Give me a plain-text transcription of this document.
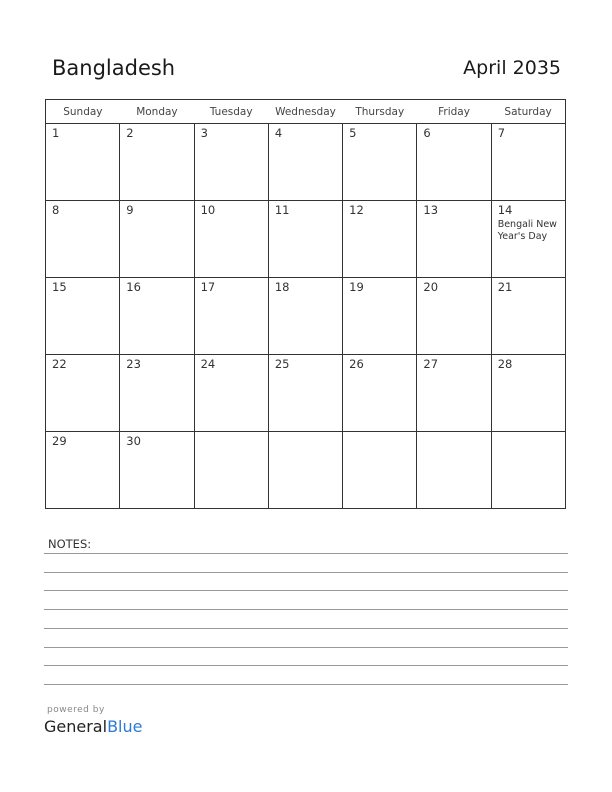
Bangladesh	April 2035
Sunday	Monday	Tuesday	Wednesday	Thursday	Friday	Saturday

1	2	3	4	5	6	7

8	9	10	11	12	13	14
Bengali New Year's Day

15	16	17	18	19	20	21

22	23	24	25	26	27	28

29	30					

NOTES:
powered by
GeneralBlue
